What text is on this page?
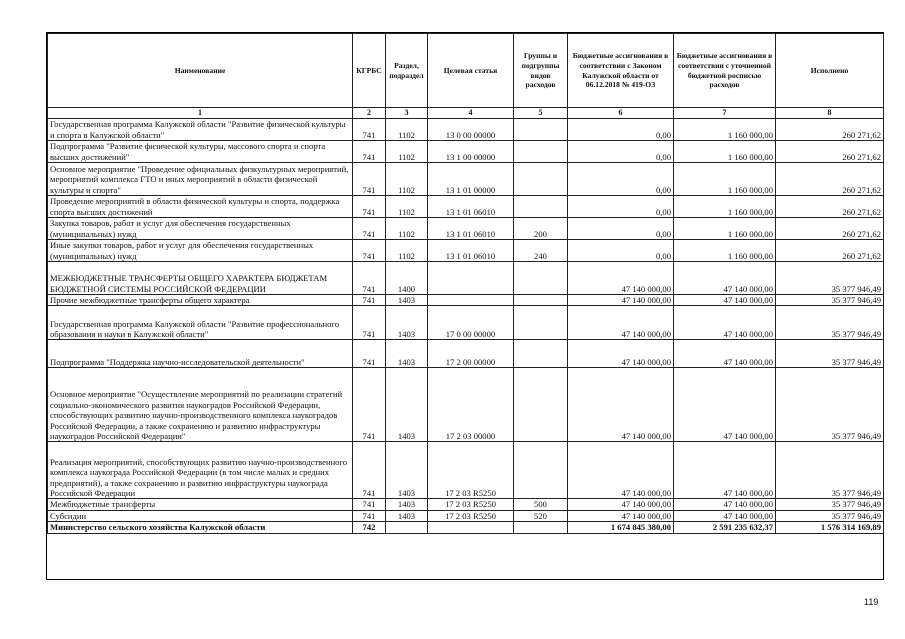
Наименование	КГРБС	Раздел, подраздел	Целевая статья	Группы и подгруппы видов расходов	Бюджетные ассигнования в соответствии с Законом Калужской области от 06.12.2018 № 419-ОЗ	Бюджетные ассигнования в соответствии с уточненной бюджетной росписью расходов	Исполнено
1	2	3	4	5	6	7	8
Государственная программа Калужской области "Развитие физической культуры и спорта в Калужской области"	741	1102	13 0 00 00000		0,00	1 160 000,00	260 271,62
Подпрограмма "Развитие физической культуры, массового спорта и спорта высших достижений"	741	1102	13 1 00 00000		0,00	1 160 000,00	260 271,62
Основное мероприятие "Проведение официальных физкультурных мероприятий, мероприятий комплекса ГТО и иных мероприятий в области физической культуры и спорта"	741	1102	13 1 01 00000		0,00	1 160 000,00	260 271,62
Проведение мероприятий в области физической культуры и спорта, поддержка спорта высших достижений	741	1102	13 1 01 06010		0,00	1 160 000,00	260 271,62
Закупка товаров, работ и услуг для обеспечения государственных (муниципальных) нужд	741	1102	13 1 01 06010	200	0,00	1 160 000,00	260 271,62
Иные закупки товаров, работ и услуг для обеспечения государственных (муниципальных) нужд	741	1102	13 1 01 06010	240	0,00	1 160 000,00	260 271,62
МЕЖБЮДЖЕТНЫЕ ТРАНСФЕРТЫ ОБЩЕГО ХАРАКТЕРА БЮДЖЕТАМ БЮДЖЕТНОЙ СИСТЕМЫ РОССИЙСКОЙ ФЕДЕРАЦИИ	741	1400			47 140 000,00	47 140 000,00	35 377 946,49
Прочие межбюджетные трансферты общего характера	741	1403			47 140 000,00	47 140 000,00	35 377 946,49
Государственная программа Калужской области "Развитие профессионального образования и науки в Калужской области"	741	1403	17 0 00 00000		47 140 000,00	47 140 000,00	35 377 946,49
Подпрограмма "Поддержка научно-исследовательской деятельности"	741	1403	17 2 00 00000		47 140 000,00	47 140 000,00	35 377 946,49
Основное мероприятие "Осуществление мероприятий по реализации стратегий социально-экономического развития наукоградов Российской Федерации, способствующих развитию научно-производственного комплекса наукоградов Российской Федерации, а также сохранению и развитию инфраструктуры наукоградов Российской Федерации"	741	1403	17 2 03 00000		47 140 000,00	47 140 000,00	35 377 946,49
Реализация мероприятий, способствующих развитию научно-производственного комплекса наукограда Российской Федерации (в том числе малых и средних предприятий), а также сохранению и развитию инфраструктуры наукограда Российской Федерации	741	1403	17 2 03 R5250		47 140 000,00	47 140 000,00	35 377 946,49
Межбюджетные трансферты	741	1403	17 2 03 R5250	500	47 140 000,00	47 140 000,00	35 377 946,49
Субсидии	741	1403	17 2 03 R5250	520	47 140 000,00	47 140 000,00	35 377 946,49
Министерство сельского хозяйства Калужской области	742				1 674 845 380,00	2 591 235 632,37	1 576 314 169,89
119
